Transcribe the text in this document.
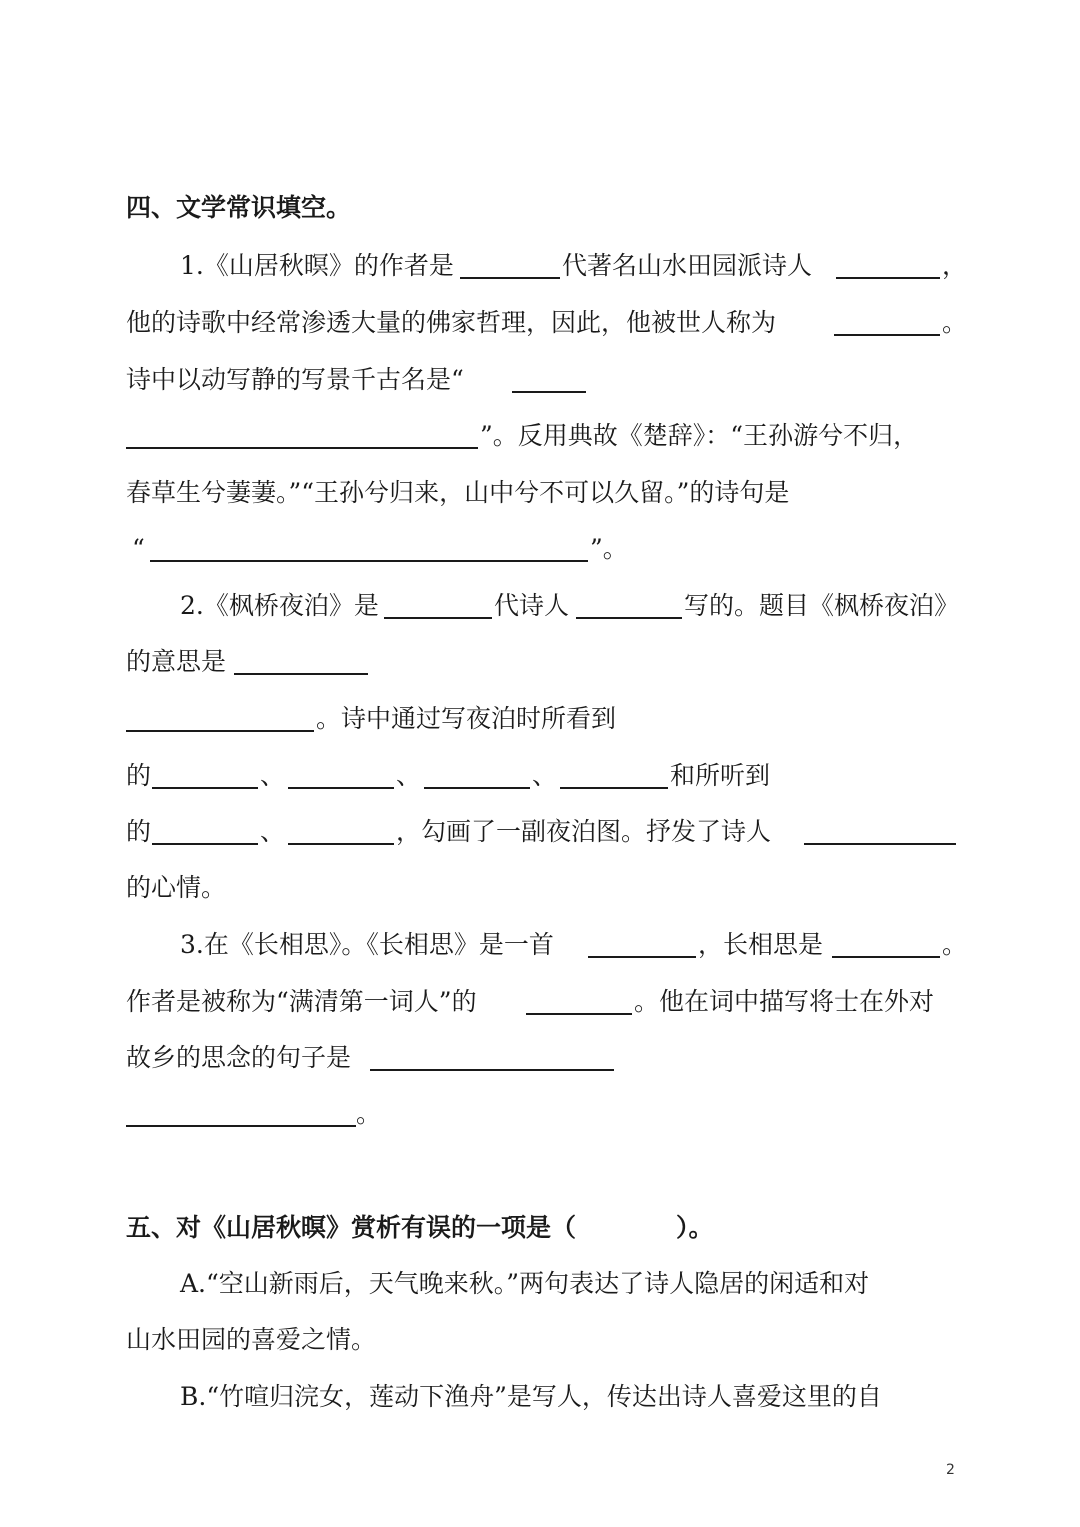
四、文学常识填空。
1.《山居秋暝》的作者是	代著名山水田园派诗人	，
他的诗歌中经常渗透大量的佛家哲理，因此，他被世人称为	。
诗中以动写静的写景千古名是“
”。反用典故《楚辞》：“王孙游兮不归，
春草生兮萋萋。”“王孙兮归来，山中兮不可以久留。”的诗句是
“	”。
2.《枫桥夜泊》是	代诗人	写的。题目《枫桥夜泊》
的意思是
。诗中通过写夜泊时所看到
的	、	、	、	和所听到
的	、	，勾画了一副夜泊图。抒发了诗人
的心情。
3.在《长相思》。《长相思》是一首	，长相思是	。
作者是被称为“满清第一词人”的	。他在词中描写将士在外对
故乡的思念的句子是
。
五、对《山居秋暝》赏析有误的一项是（　　　　）。
A.“空山新雨后，天气晚来秋。”两句表达了诗人隐居的闲适和对
山水田园的喜爱之情。
B.“竹喧归浣女，莲动下渔舟”是写人，传达出诗人喜爱这里的自
2
